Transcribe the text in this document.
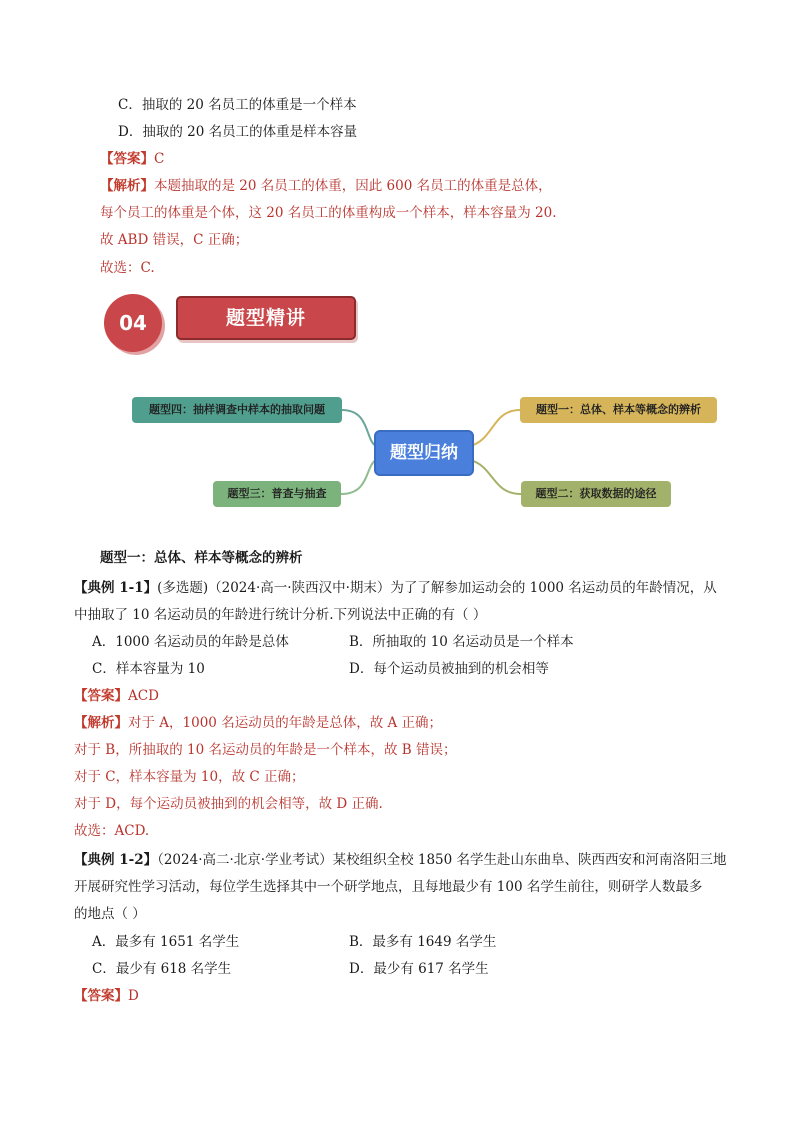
C．抽取的 20 名员工的体重是一个样本
D．抽取的 20 名员工的体重是样本容量
【答案】C
【解析】本题抽取的是 20 名员工的体重，因此 600 名员工的体重是总体，
每个员工的体重是个体，这 20 名员工的体重构成一个样本，样本容量为 20.
故 ABD 错误，C 正确；
故选：C.
04	题型精讲
题型归纳
题型一：总体、样本等概念的辨析
题型二：获取数据的途径
题型三：普查与抽查
题型四：抽样调查中样本的抽取问题
题型一：总体、样本等概念的辨析
【典例 1-1】(多选题)（2024·高一·陕西汉中·期末）为了了解参加运动会的 1000 名运动员的年龄情况，从
中抽取了 10 名运动员的年龄进行统计分析.下列说法中正确的有（ ）
A．1000 名运动员的年龄是总体	B．所抽取的 10 名运动员是一个样本
C．样本容量为 10	D．每个运动员被抽到的机会相等
【答案】ACD
【解析】对于 A，1000 名运动员的年龄是总体，故 A 正确；
对于 B，所抽取的 10 名运动员的年龄是一个样本，故 B 错误；
对于 C，样本容量为 10，故 C 正确；
对于 D，每个运动员被抽到的机会相等，故 D 正确.
故选：ACD.
【典例 1-2】（2024·高二·北京·学业考试）某校组织全校 1850 名学生赴山东曲阜、陕西西安和河南洛阳三地
开展研究性学习活动，每位学生选择其中一个研学地点，且每地最少有 100 名学生前往，则研学人数最多
的地点（ ）
A．最多有 1651 名学生	B．最多有 1649 名学生
C．最少有 618 名学生	D．最少有 617 名学生
【答案】D
